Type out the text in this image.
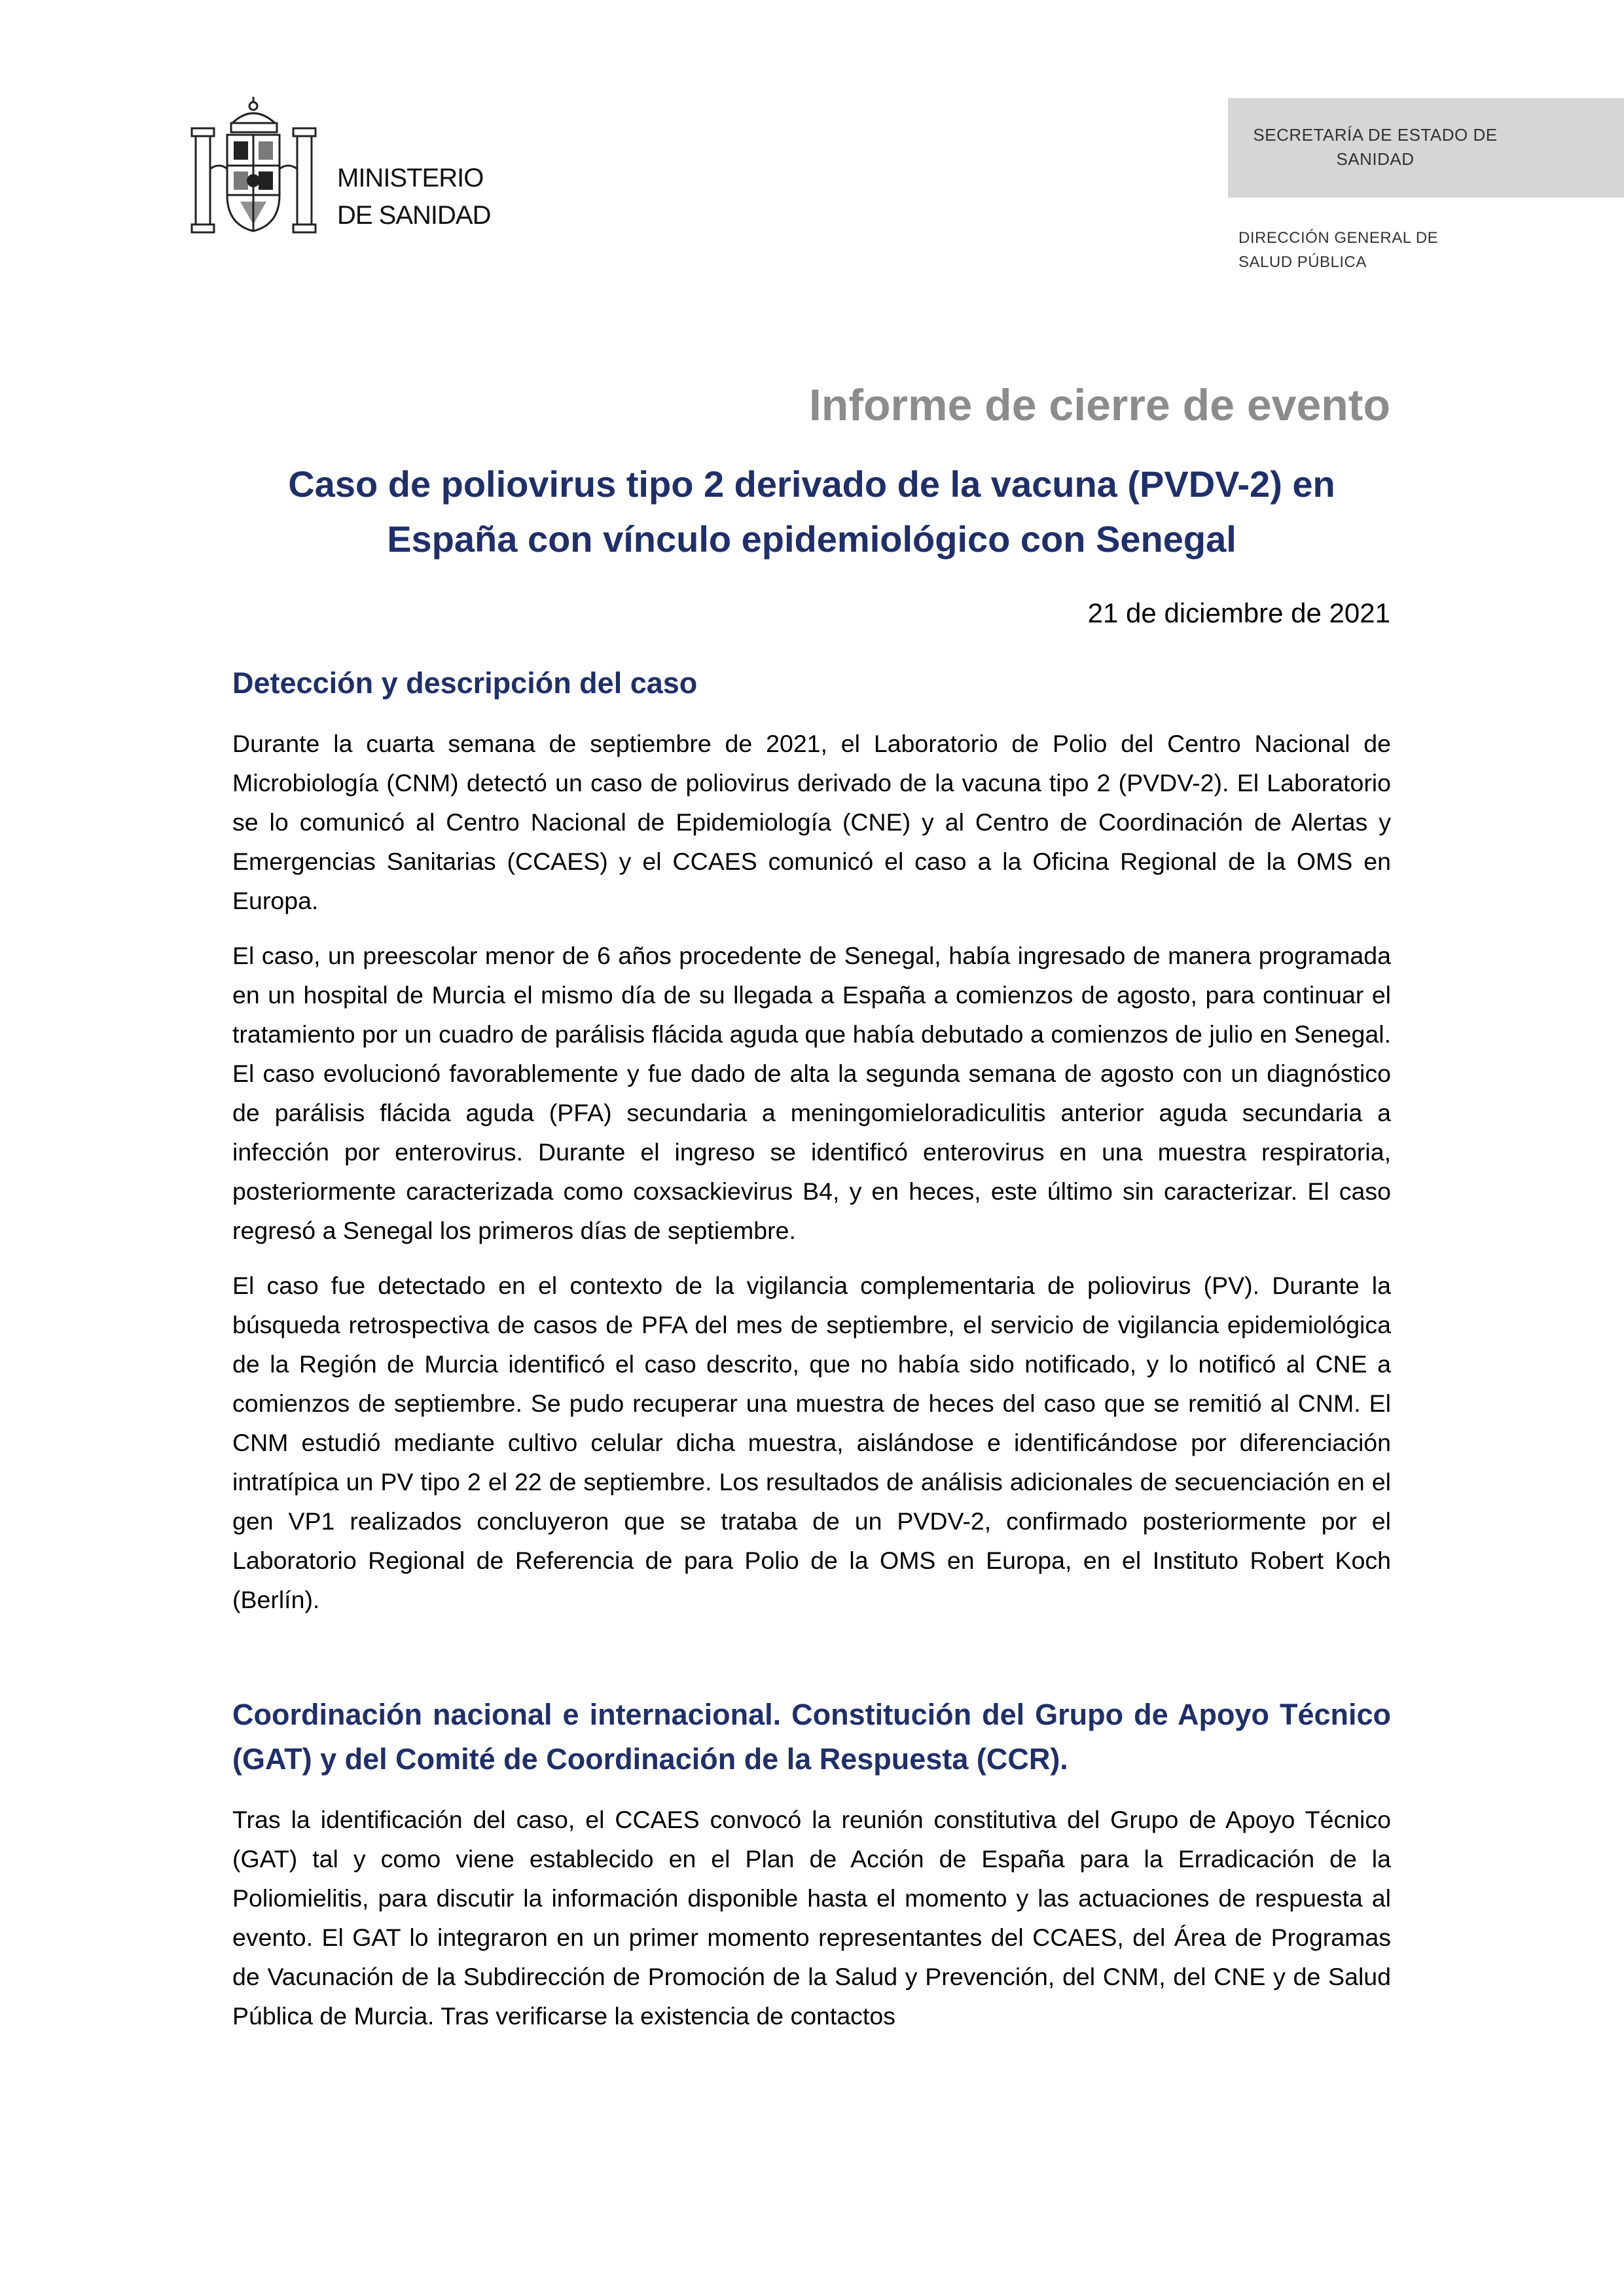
MINISTERIO
DE SANIDAD
SECRETARÍA DE ESTADO DE SANIDAD
DIRECCIÓN GENERAL DE
SALUD PÚBLICA
Informe de cierre de evento
Caso de poliovirus tipo 2 derivado de la vacuna (PVDV-2) en España con vínculo epidemiológico con Senegal
21 de diciembre de 2021
Detección y descripción del caso

Durante la cuarta semana de septiembre de 2021, el Laboratorio de Polio del Centro Nacional de Microbiología (CNM) detectó un caso de poliovirus derivado de la vacuna tipo 2 (PVDV-2). El Laboratorio se lo comunicó al Centro Nacional de Epidemiología (CNE) y al Centro de Coordinación de Alertas y Emergencias Sanitarias (CCAES) y el CCAES comunicó el caso a la Oficina Regional de la OMS en Europa.

El caso, un preescolar menor de 6 años procedente de Senegal, había ingresado de manera programada en un hospital de Murcia el mismo día de su llegada a España a comienzos de agosto, para continuar el tratamiento por un cuadro de parálisis flácida aguda que había debutado a comienzos de julio en Senegal. El caso evolucionó favorablemente y fue dado de alta la segunda semana de agosto con un diagnóstico de parálisis flácida aguda (PFA) secundaria a meningomieloradiculitis anterior aguda secundaria a infección por enterovirus. Durante el ingreso se identificó enterovirus en una muestra respiratoria, posteriormente caracterizada como coxsackievirus B4, y en heces, este último sin caracterizar. El caso regresó a Senegal los primeros días de septiembre.

El caso fue detectado en el contexto de la vigilancia complementaria de poliovirus (PV). Durante la búsqueda retrospectiva de casos de PFA del mes de septiembre, el servicio de vigilancia epidemiológica de la Región de Murcia identificó el caso descrito, que no había sido notificado, y lo notificó al CNE a comienzos de septiembre. Se pudo recuperar una muestra de heces del caso que se remitió al CNM. El CNM estudió mediante cultivo celular dicha muestra, aislándose e identificándose por diferenciación intratípica un PV tipo 2 el 22 de septiembre. Los resultados de análisis adicionales de secuenciación en el gen VP1 realizados concluyeron que se trataba de un PVDV-2, confirmado posteriormente por el Laboratorio Regional de Referencia de para Polio de la OMS en Europa, en el Instituto Robert Koch (Berlín).

Coordinación nacional e internacional. Constitución del Grupo de Apoyo Técnico (GAT) y del Comité de Coordinación de la Respuesta (CCR).

Tras la identificación del caso, el CCAES convocó la reunión constitutiva del Grupo de Apoyo Técnico (GAT) tal y como viene establecido en el Plan de Acción de España para la Erradicación de la Poliomielitis, para discutir la información disponible hasta el momento y las actuaciones de respuesta al evento. El GAT lo integraron en un primer momento representantes del CCAES, del Área de Programas de Vacunación de la Subdirección de Promoción de la Salud y Prevención, del CNM, del CNE y de Salud Pública de Murcia. Tras verificarse la existencia de contactos
